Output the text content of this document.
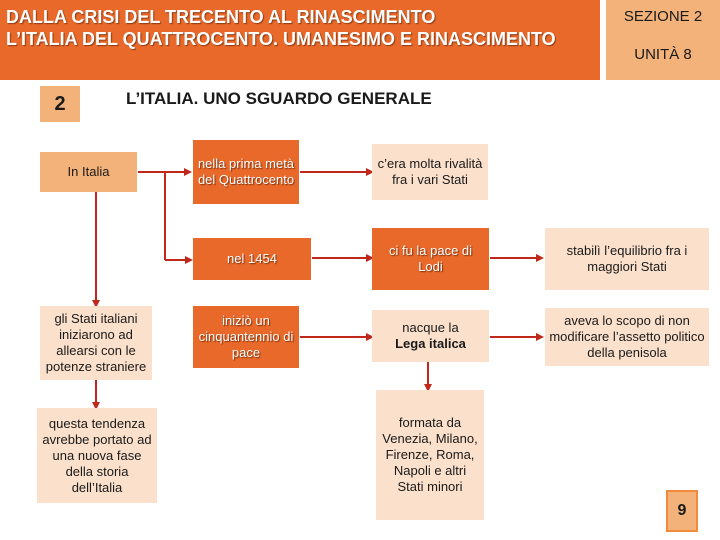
DALLA CRISI DEL TRECENTO AL RINASCIMENTO
L’ITALIA DEL QUATTROCENTO. UMANESIMO E RINASCIMENTO

SEZIONE 2
UNITÀ 8
2	L’ITALIA. UNO SGUARDO GENERALE

In Italia
gli Stati italiani iniziarono ad allearsi con le potenze straniere
questa tendenza avrebbe portato ad una nuova fase della storia dell’Italia
nella prima metà del Quattrocento
nel 1454
iniziò un cinquantennio di pace
c’era molta rivalità fra i vari Stati
ci fu la pace di Lodi
nacque la
Lega italica
formata da Venezia, Milano, Firenze, Roma, Napoli e altri Stati minori
stabilì l’equilibrio fra i maggiori Stati
aveva lo scopo di non modificare l’assetto politico della penisola
9
